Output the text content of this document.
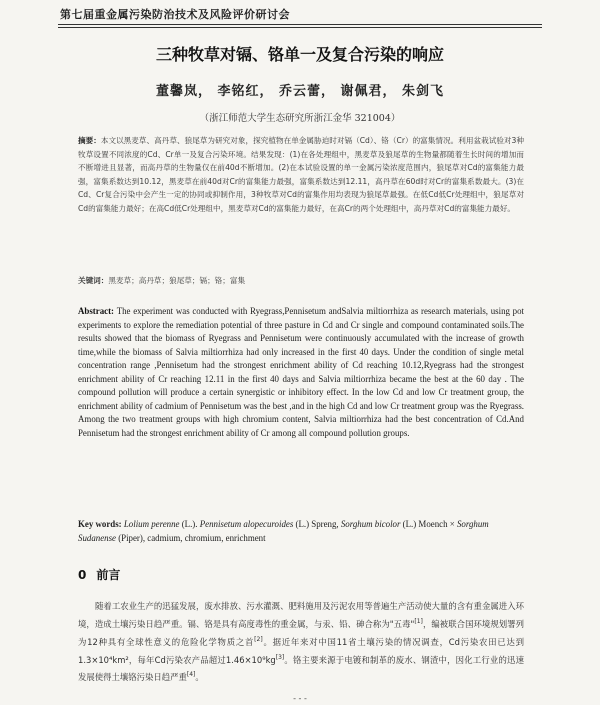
第七届重金属污染防治技术及风险评价研讨会
三种牧草对镉、铬单一及复合污染的响应
董馨岚， 李铭红， 乔云蕾， 谢佩君， 朱剑飞
（浙江师范大学生态研究所浙江金华 321004）
摘要：本文以黑麦草、高丹草、狼尾草为研究对象，探究植物在单金属胁迫时对镉（Cd）、铬（Cr）的富集情况。利用盆栽试验对3种牧草设置不同浓度的Cd、Cr单一及复合污染环境。结果发现：(1)在各处理组中，黑麦草及狼尾草的生物量都随着生长时间的增加而不断增进且显著，而高丹草的生物量仅在前40d不断增加。(2)在本试验设置的单一金属污染浓度范围内，狼尾草对Cd的富集能力最强，富集系数达到10.12，黑麦草在前40d对Cr的富集能力最强，富集系数达到12.11，高丹草在60d时对Cr的富集系数最大。(3)在Cd、Cr复合污染中会产生一定的协同或抑制作用，3种牧草对Cd的富集作用均表现为狼尾草最强。在低Cd低Cr处理组中，狼尾草对Cd的富集能力最好；在高Cd低Cr处理组中，黑麦草对Cd的富集能力最好，在高Cr的两个处理组中，高丹草对Cd的富集能力最好。
关键词：黑麦草；高丹草；狼尾草；镉；铬；富集
Abstract: The experiment was conducted with Ryegrass,Pennisetum andSalvia miltiorrhiza as research materials, using pot experiments to explore the remediation potential of three pasture in Cd and Cr single and compound contaminated soils.The results showed that the biomass of Ryegrass and Pennisetum were continuously accumulated with the increase of growth time,while the biomass of Salvia miltiorrhiza had only increased in the first 40 days. Under the condition of single metal concentration range ,Pennisetum had the strongest enrichment ability of Cd reaching 10.12,Ryegrass had the strongest enrichment ability of Cr reaching 12.11 in the first 40 days and Salvia miltiorrhiza became the best at the 60 day . The compound pollution will produce a certain synergistic or inhibitory effect. In the low Cd and low Cr treatment group, the enrichment ability of cadmium of Pennisetum was the best ,and in the high Cd and low Cr treatment group was the Ryegrass. Among the two treatment groups with high chromium content, Salvia miltiorrhiza had the best concentration of Cd.And Pennisetum had the strongest enrichment ability of Cr among all compound pollution groups.
Key words: Lolium perenne (L.). Pennisetum alopecuroides (L.) Spreng, Sorghum bicolor (L.) Moench × Sorghum Sudanense (Piper), cadmium, chromium, enrichment
0 前言
随着工农业生产的迅猛发展，废水排放、污水灌溉、肥料施用及污泥农用等普遍生产活动使大量的含有重金属进入环境，造成土壤污染日趋严重。镉、铬是具有高度毒性的重金属，与汞、铅、砷合称为"五毒"[1]，编被联合国环境规划署列为12种具有全球性意义的危险化学物质之首[2]。据近年来对中国11省土壤污染的情况调查，Cd污染农田已达到1.3×10⁴km²，每年Cd污染农产品超过1.46×10⁹kg[3]。铬主要来源于电镀和制革的废水、钢渣中，因化工行业的迅速发展使得土壤铬污染日趋严重[4]。
- - -
